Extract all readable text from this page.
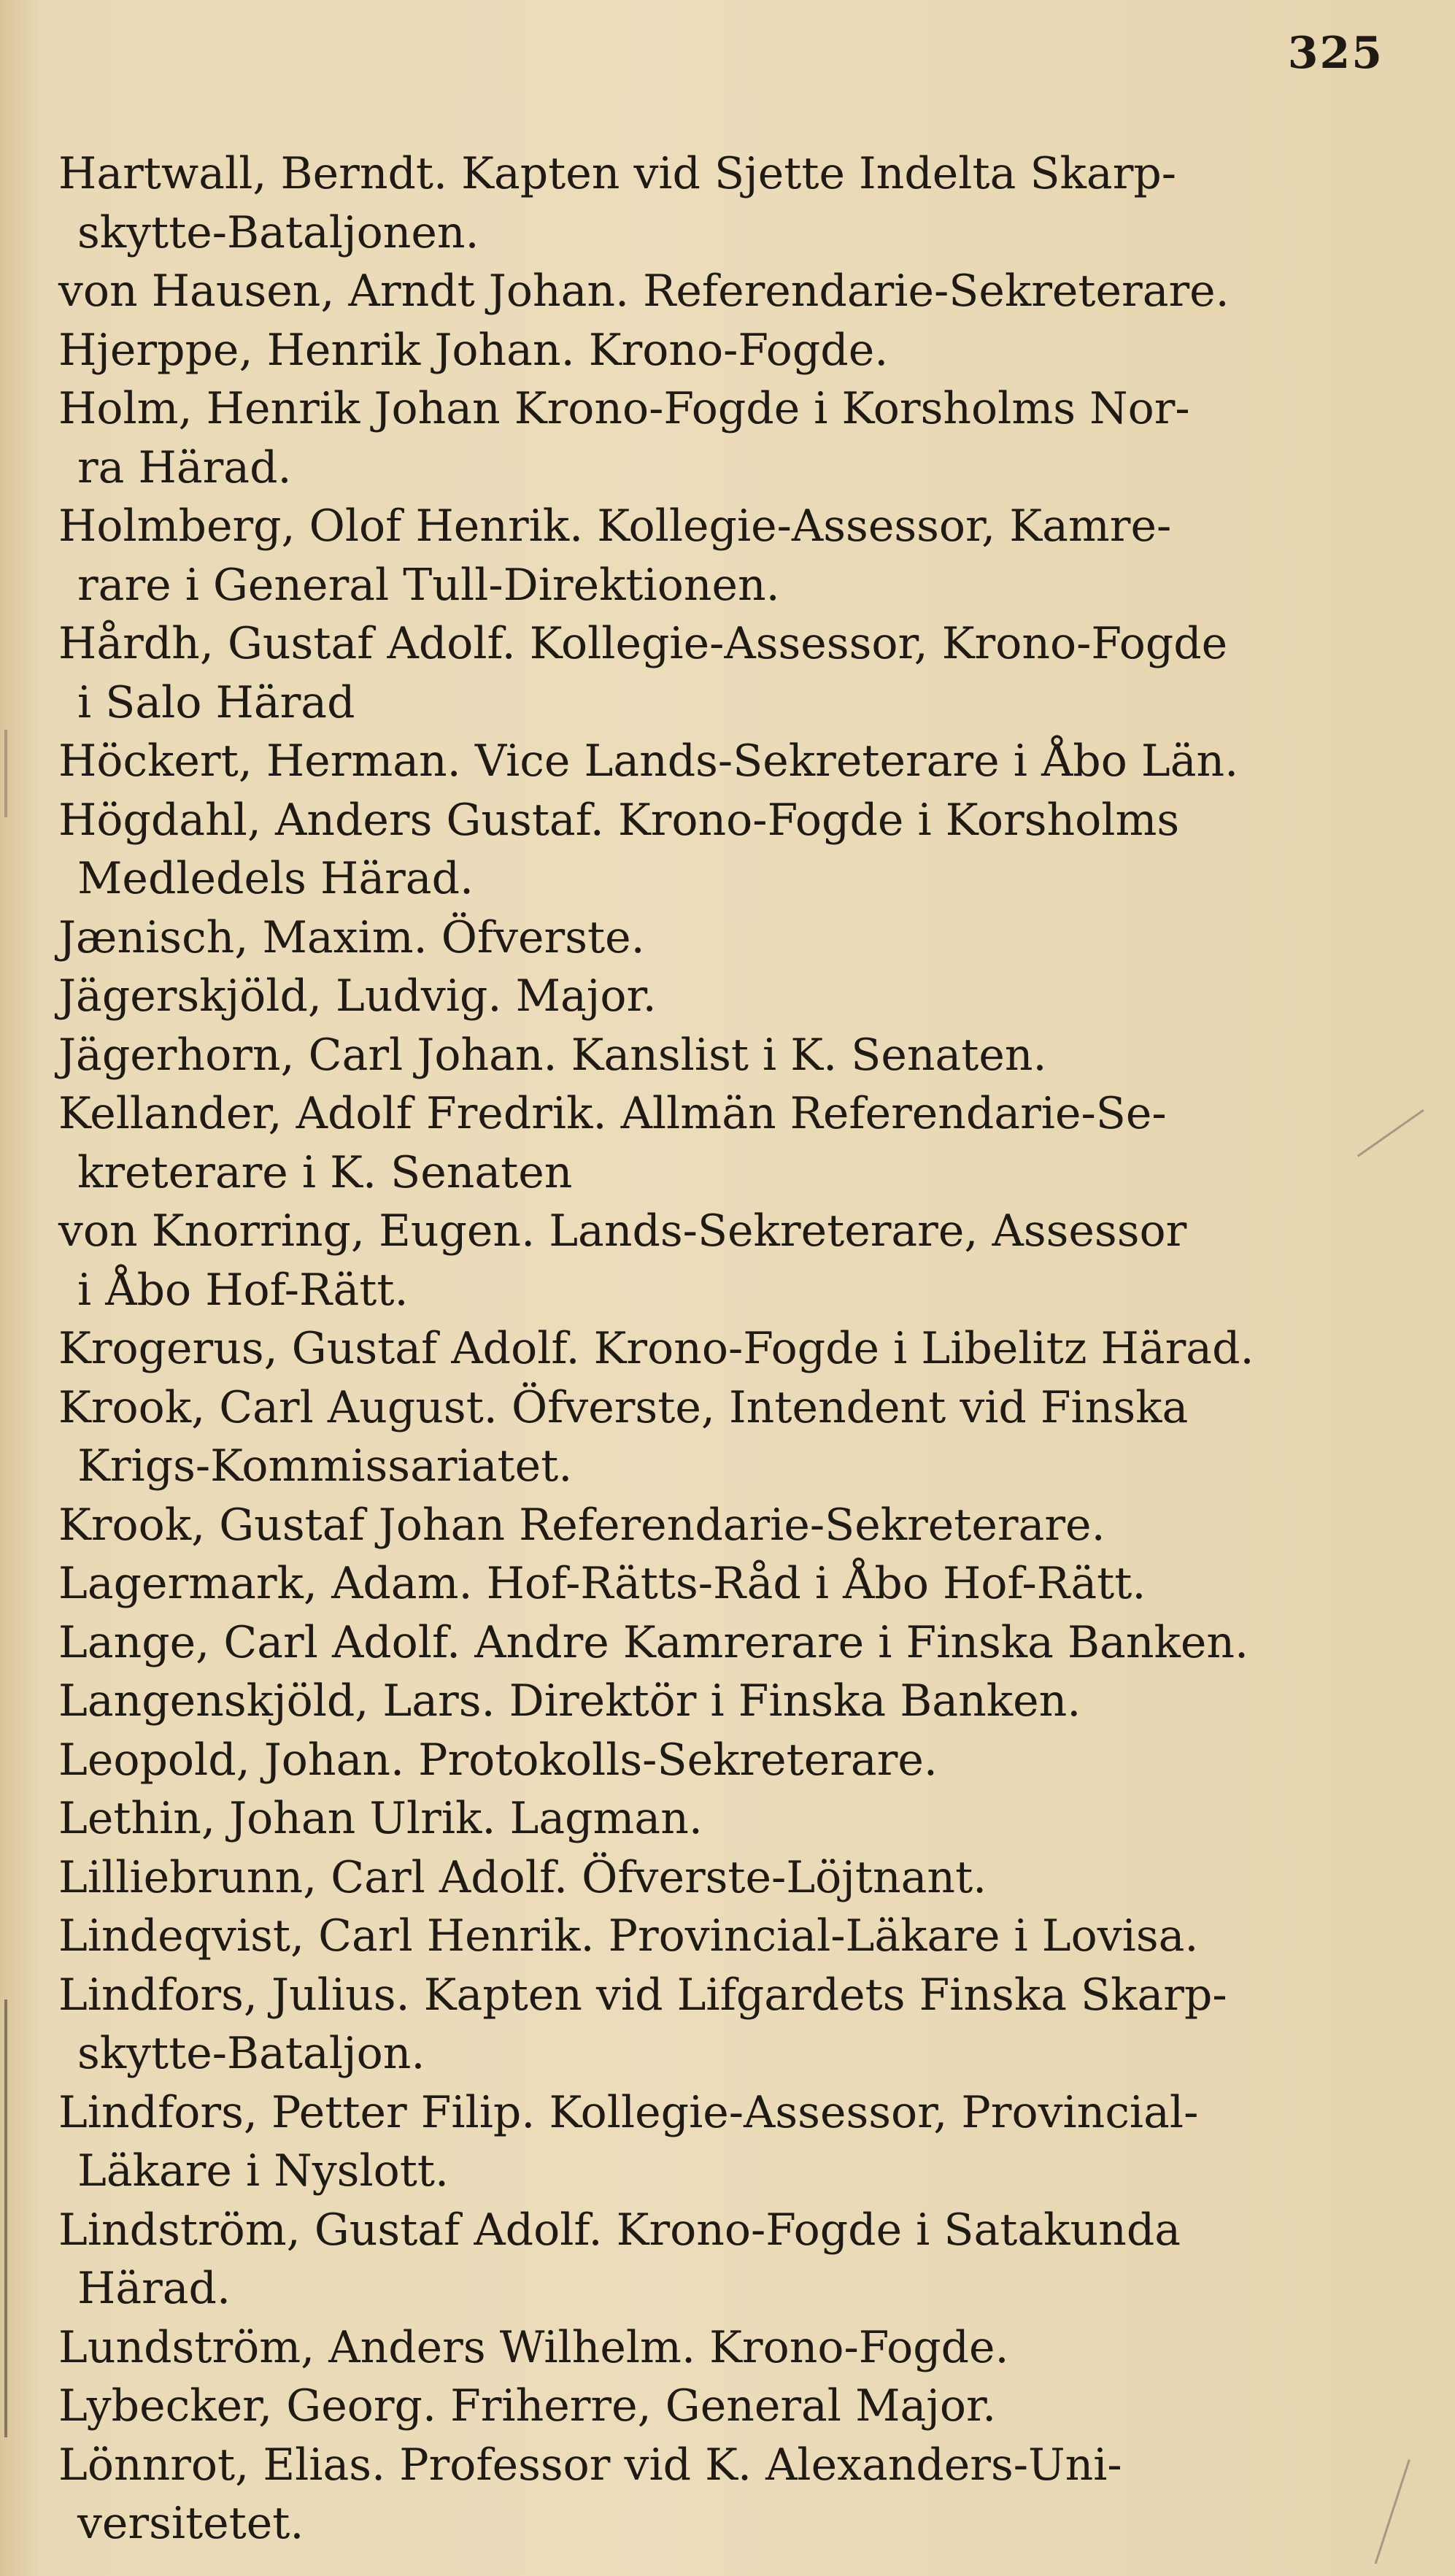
325
Hartwall, Berndt. Kapten vid Sjette Indelta Skarp-
skytte-Bataljonen.
von Hausen, Arndt Johan. Referendarie-Sekreterare.
Hjerppe, Henrik Johan. Krono-Fogde.
Holm, Henrik Johan Krono-Fogde i Korsholms Nor-
ra Härad.
Holmberg, Olof Henrik. Kollegie-Assessor, Kamre-
rare i General Tull-Direktionen.
Hårdh, Gustaf Adolf. Kollegie-Assessor, Krono-Fogde
i Salo Härad
Höckert, Herman. Vice Lands-Sekreterare i Åbo Län.
Högdahl, Anders Gustaf. Krono-Fogde i Korsholms
Medledels Härad.
Jænisch, Maxim. Öfverste.
Jägerskjöld, Ludvig. Major.
Jägerhorn, Carl Johan. Kanslist i K. Senaten.
Kellander, Adolf Fredrik. Allmän Referendarie-Se-
kreterare i K. Senaten
von Knorring, Eugen. Lands-Sekreterare, Assessor
i Åbo Hof-Rätt.
Krogerus, Gustaf Adolf. Krono-Fogde i Libelitz Härad.
Krook, Carl August. Öfverste, Intendent vid Finska
Krigs-Kommissariatet.
Krook, Gustaf Johan Referendarie-Sekreterare.
Lagermark, Adam. Hof-Rätts-Råd i Åbo Hof-Rätt.
Lange, Carl Adolf. Andre Kamrerare i Finska Banken.
Langenskjöld, Lars. Direktör i Finska Banken.
Leopold, Johan. Protokolls-Sekreterare.
Lethin, Johan Ulrik. Lagman.
Lilliebrunn, Carl Adolf. Öfverste-Löjtnant.
Lindeqvist, Carl Henrik. Provincial-Läkare i Lovisa.
Lindfors, Julius. Kapten vid Lifgardets Finska Skarp-
skytte-Bataljon.
Lindfors, Petter Filip. Kollegie-Assessor, Provincial-
Läkare i Nyslott.
Lindström, Gustaf Adolf. Krono-Fogde i Satakunda
Härad.
Lundström, Anders Wilhelm. Krono-Fogde.
Lybecker, Georg. Friherre, General Major.
Lönnrot, Elias. Professor vid K. Alexanders-Uni-
versitetet.
